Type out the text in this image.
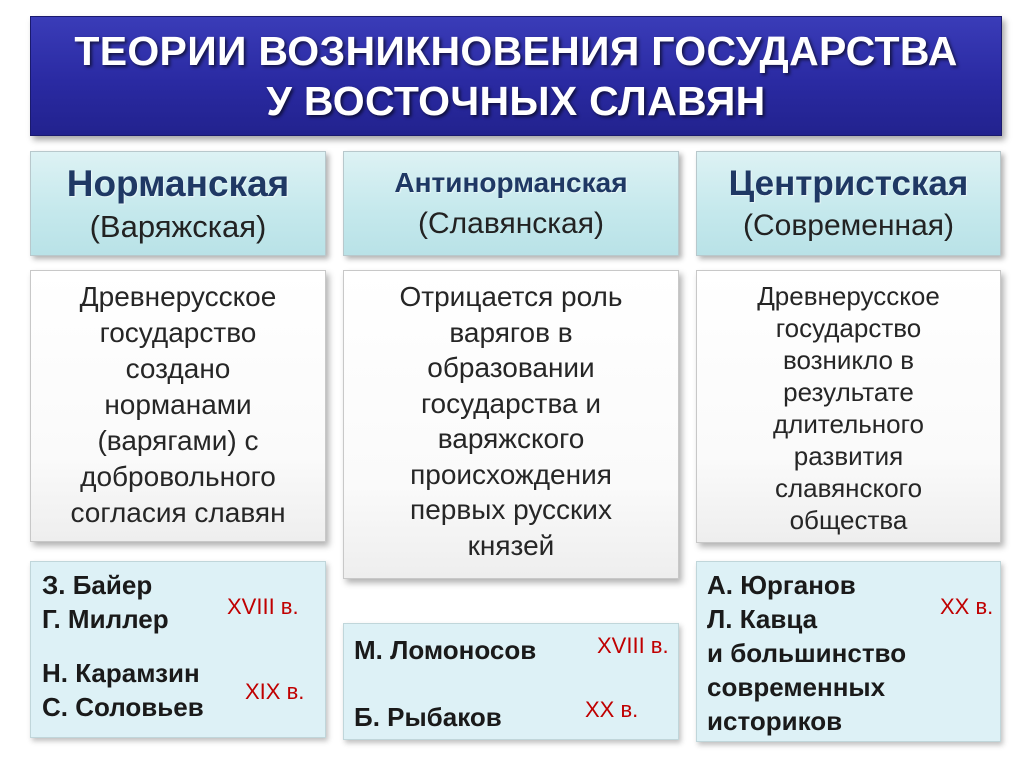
ТЕОРИИ ВОЗНИКНОВЕНИЯ ГОСУДАРСТВА
У ВОСТОЧНЫХ СЛАВЯН
Норманская
(Варяжская)
Антинорманская
(Славянская)
Центристская
(Современная)
Древнерусское
государство
создано
норманами
(варягами) с
добровольного
согласия славян
Отрицается роль
варягов в
образовании
государства и
варяжского
происхождения
первых русских
князей
Древнерусское
государство
возникло в
результате
длительного
развития
славянского
общества
З. Байер
Г. Миллер	XVIII в.
Н. Карамзин
С. Соловьев
XIX в.
М. Ломоносов	XVIII в.
Б. Рыбаков	XX в.
А. Юрганов
Л. Кавца
и большинство
современных
историков
XX в.
